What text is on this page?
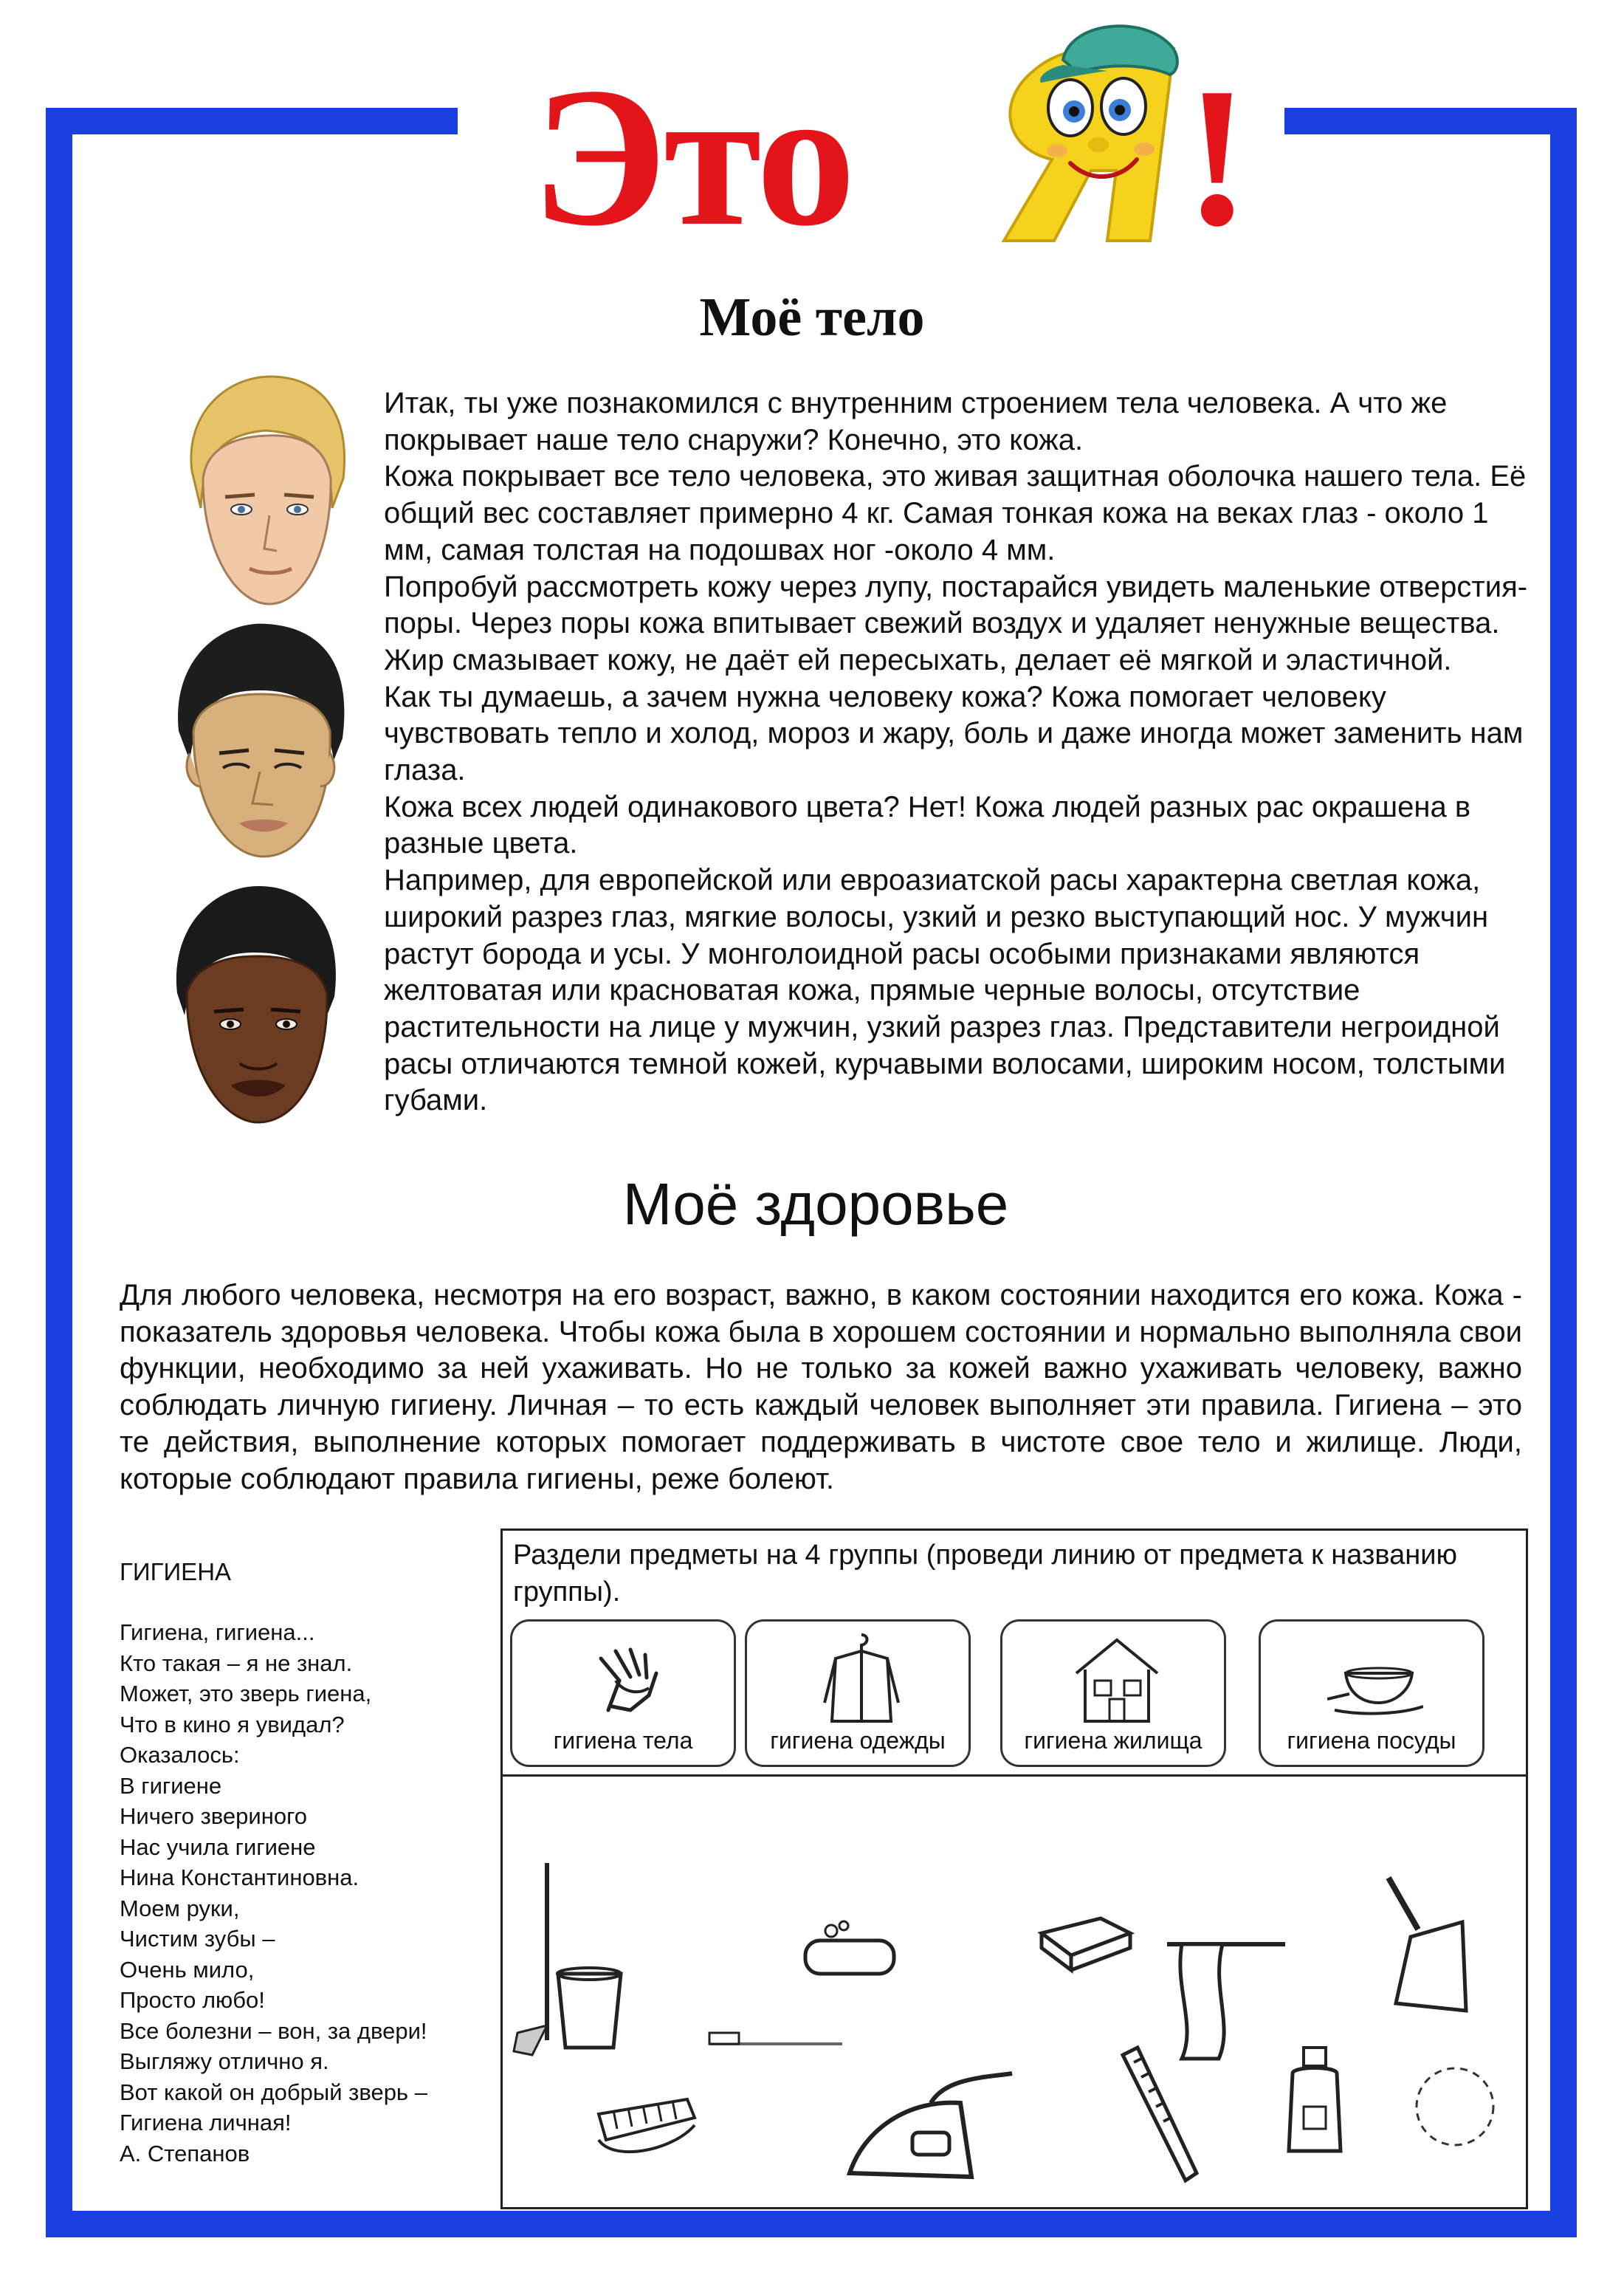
Это !
Моё тело

Итак, ты уже познакомился с внутренним строением тела человека. А что же покрывает наше тело снаружи? Конечно, это кожа.

Кожа покрывает все тело человека, это живая защитная оболочка нашего тела. Её общий вес составляет примерно 4 кг. Самая тонкая кожа на веках глаз - около 1 мм, самая толстая на подошвах ног -около 4 мм.

Попробуй рассмотреть кожу через лупу, постарайся увидеть маленькие отверстия- поры. Через поры кожа впитывает свежий воздух и удаляет ненужные вещества. Жир смазывает кожу, не даёт ей пересыхать, делает её мягкой и эластичной.

Как ты думаешь, а зачем нужна человеку кожа? Кожа помогает человеку чувствовать тепло и холод, мороз и жару, боль и даже иногда может заменить нам глаза.

Кожа всех людей одинакового цвета? Нет! Кожа людей разных рас окрашена в разные цвета.

Например, для европейской или евроазиатской расы характерна светлая кожа, широкий разрез глаз, мягкие волосы, узкий и резко выступающий нос. У мужчин растут борода и усы. У монголоидной расы особыми признаками являются желтоватая или красноватая кожа, прямые черные волосы, отсутствие растительности на лице у мужчин, узкий разрез глаз. Представители негроидной расы отличаются темной кожей, курчавыми волосами, широким носом, толстыми губами.

Моё здоровье
Для любого человека, несмотря на его возраст, важно, в каком состоянии находится его кожа. Кожа - показатель здоровья человека. Чтобы кожа была в хорошем состоянии и нормально выполняла свои функции, необходимо за ней ухаживать. Но не только за кожей важно ухаживать человеку, важно соблюдать личную гигиену. Личная – то есть каждый человек выполняет эти правила. Гигиена – это те действия, выполнение которых помогает поддерживать в чистоте свое тело и жилище. Люди, которые соблюдают правила гигиены, реже болеют.
ГИГИЕНА
Гигиена, гигиена...
Кто такая – я не знал.
Может, это зверь гиена,
Что в кино я увидал?
Оказалось:
В гигиене
Ничего звериного
Нас учила гигиене
Нина Константиновна.
Моем руки,
Чистим зубы –
Очень мило,
Просто любо!
Все болезни – вон, за двери!
Выгляжу отлично я.
Вот какой он добрый зверь –
Гигиена личная!
А. Степанов
Раздели предметы на 4 группы (проведи линию от предмета к названию группы).
гигиена тела	гигиена одежды	гигиена жилища	гигиена посуды
